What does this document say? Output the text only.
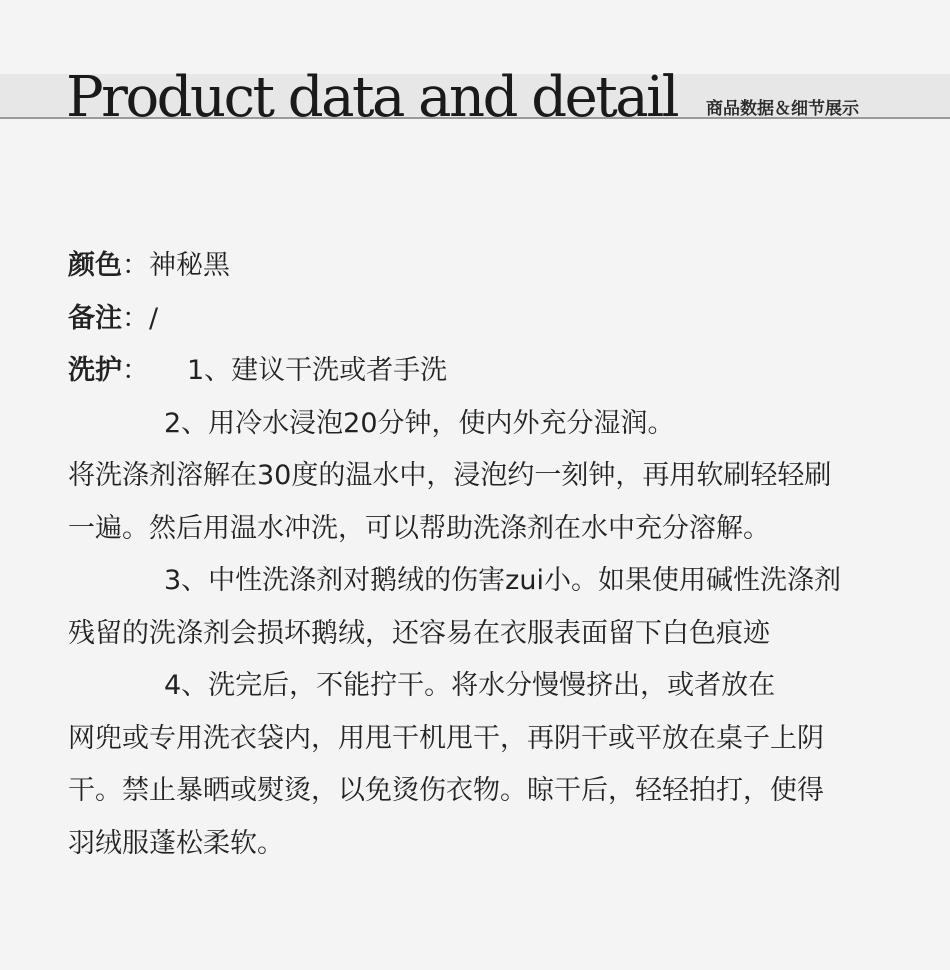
Product data and detail 商品数据＆细节展示
颜色：神秘黑
备注：/
洗护： 1、建议干洗或者手洗
2、用冷水浸泡20分钟，使内外充分湿润。
将洗涤剂溶解在30度的温水中，浸泡约一刻钟，再用软刷轻轻刷
一遍。然后用温水冲洗，可以帮助洗涤剂在水中充分溶解。
3、中性洗涤剂对鹅绒的伤害zui小。如果使用碱性洗涤剂
残留的洗涤剂会损坏鹅绒，还容易在衣服表面留下白色痕迹
4、洗完后，不能拧干。将水分慢慢挤出，或者放在
网兜或专用洗衣袋内，用甩干机甩干，再阴干或平放在桌子上阴
干。禁止暴晒或熨烫，以免烫伤衣物。晾干后，轻轻拍打，使得
羽绒服蓬松柔软。
